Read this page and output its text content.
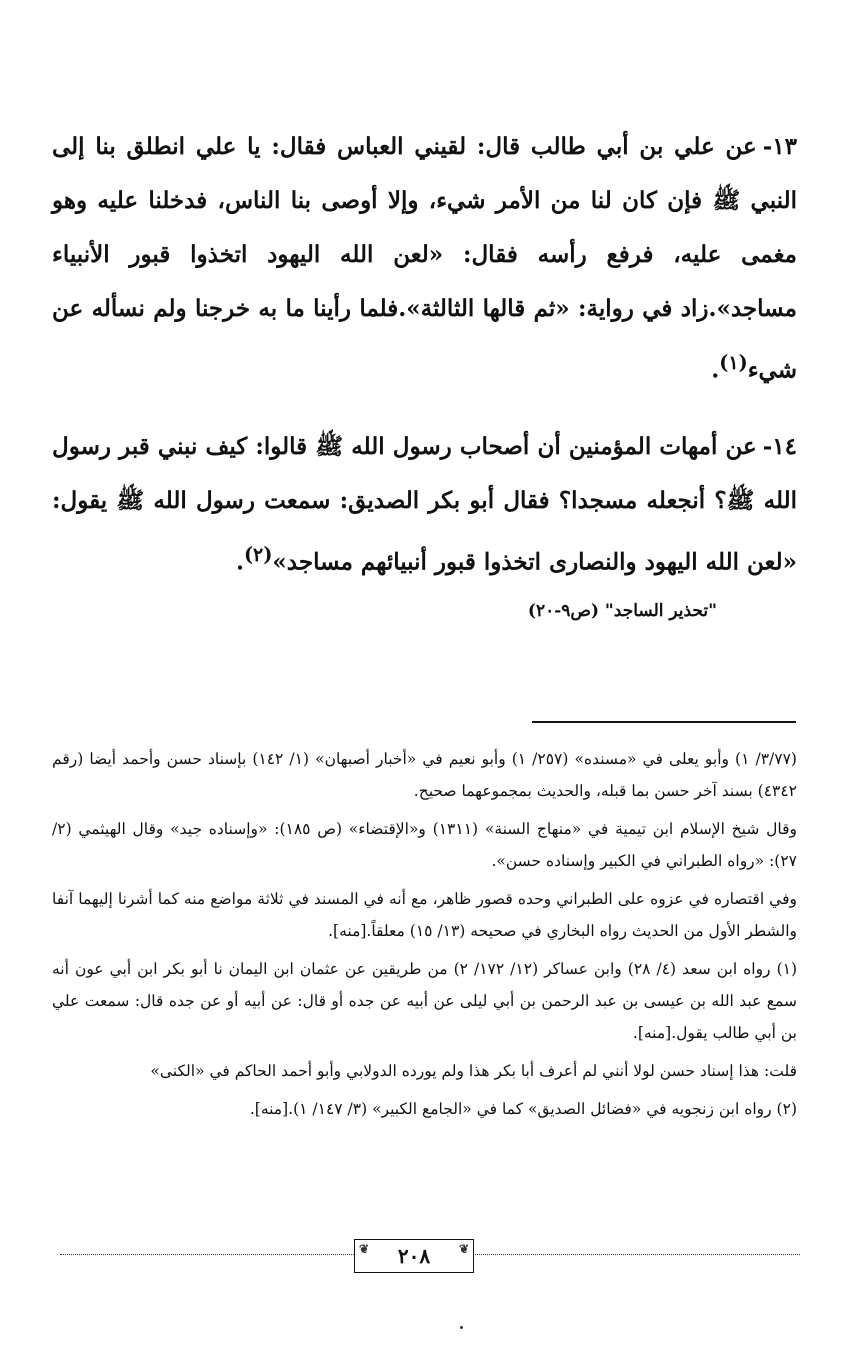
١٣-عن علي بن أبي طالب قال: لقيني العباس فقال: يا علي انطلق بنا إلى النبي ﷺ فإن كان لنا من الأمر شيء، وإلا أوصى بنا الناس، فدخلنا عليه وهو مغمى عليه، فرفع رأسه فقال: «لعن الله اليهود اتخذوا قبور الأنبياء مساجد».زاد في رواية: «ثم قالها الثالثة».فلما رأينا ما به خرجنا ولم نسأله عن شيء$^{(١)}$.

١٤-عن أمهات المؤمنين أن أصحاب رسول الله ﷺ قالوا: كيف نبني قبر رسول الله ﷺ؟ أنجعله مسجدا؟ فقال أبو بكر الصديق: سمعت رسول الله ﷺ يقول: «لعن الله اليهود والنصارى اتخذوا قبور أنبيائهم مساجد»$^{(٢)}$.

"تحذير الساجد" (ص٩-٢٠)

(٣/٧٧/ ١) وأبو يعلى في «مسنده» (٢٥٧/ ١) وأبو نعيم في «أخبار أصبهان» (١/ ١٤٢) بإسناد حسن وأحمد أيضا (رقم ٤٣٤٢) بسند آخر حسن بما قبله، والحديث بمجموعهما صحيح.

وقال شيخ الإسلام ابن تيمية في «منهاج السنة» (١٣١١) و«الإقتضاء» (ص ١٨٥): «وإسناده جيد» وقال الهيثمي (٢/ ٢٧): «رواه الطبراني في الكبير وإسناده حسن».

وفي اقتصاره في عزوه على الطبراني وحده قصور ظاهر، مع أنه في المسند في ثلاثة مواضع منه كما أشرنا إليهما آنفا والشطر الأول من الحديث رواه البخاري في صحيحه (١٣/ ١٥) معلقاً.[منه].

(١) رواه ابن سعد (٤/ ٢٨) وابن عساكر (١٢/ ١٧٢/ ٢) من طريقين عن عثمان ابن اليمان نا أبو بكر ابن أبي عون أنه سمع عبد الله بن عيسى بن عبد الرحمن بن أبي ليلى عن أبيه عن جده أو قال: عن أبيه أو عن جده قال: سمعت علي بن أبي طالب يقول.[منه].

قلت: هذا إسناد حسن لولا أنني لم أعرف أبا بكر هذا ولم يورده الدولابي وأبو أحمد الحاكم في «الكنى»

(٢) رواه ابن زنجويه في «فضائل الصديق» كما في «الجامع الكبير» (٣/ ١٤٧/ ١).[منه].

❦ ٢٠٨ ❦
